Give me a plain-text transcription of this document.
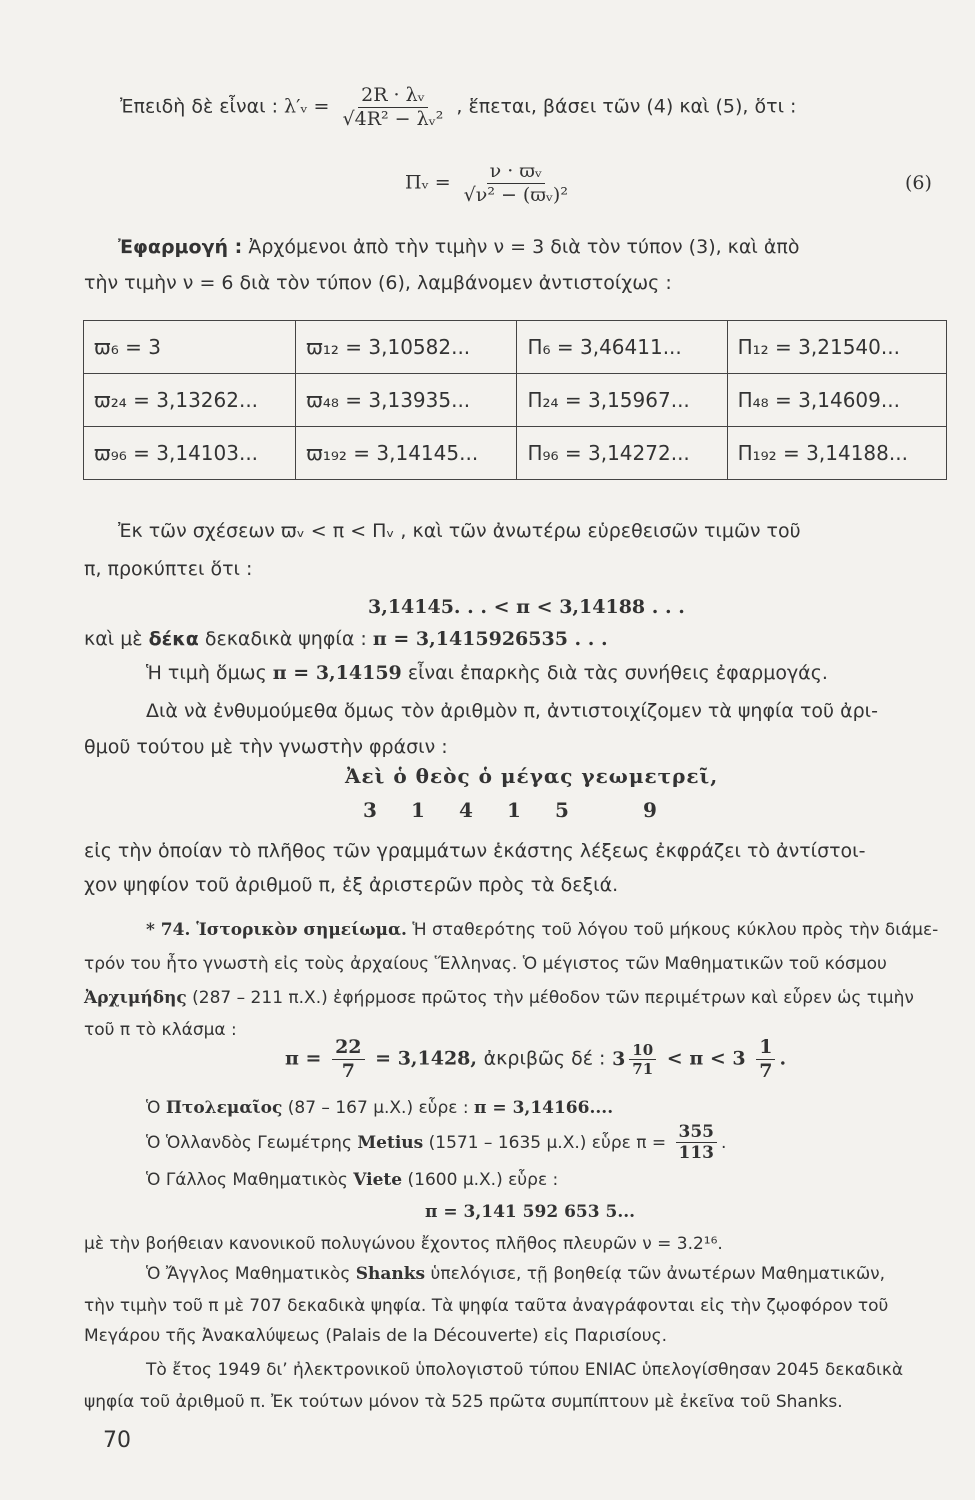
Ἐπειδὴ δὲ εἶναι : λ′ᵥ = $\frac{\text{2R · λᵥ}}{\text{√4R² − λᵥ²}}$ , ἕπεται, βάσει τῶν (4) καὶ (5), ὅτι :
Πᵥ = $\frac{\text{ν · ϖᵥ}}{\text{√ν² − (ϖᵥ)²}}$	(6)
Ἐφαρμογή : Ἀρχόμενοι ἀπὸ τὴν τιμὴν ν = 3 διὰ τὸν τύπον (3), καὶ ἀπὸ
τὴν τιμὴν ν = 6 διὰ τὸν τύπον (6), λαμβάνομεν ἀντιστοίχως :
ϖ₆ = 3	ϖ₁₂ = 3,10582...	Π₆ = 3,46411...	Π₁₂ = 3,21540...
ϖ₂₄ = 3,13262...	ϖ₄₈ = 3,13935...	Π₂₄ = 3,15967...	Π₄₈ = 3,14609...
ϖ₉₆ = 3,14103...	ϖ₁₉₂ = 3,14145...	Π₉₆ = 3,14272...	Π₁₉₂ = 3,14188...
Ἐκ τῶν σχέσεων ϖᵥ < π < Πᵥ , καὶ τῶν ἀνωτέρω εὑρεθεισῶν τιμῶν τοῦ
π, προκύπτει ὅτι :
3,14145. . . < π < 3,14188 . . .
καὶ μὲ δέκα δεκαδικὰ ψηφία : π = 3,1415926535 . . .
Ἡ τιμὴ ὅμως π = 3,14159 εἶναι ἐπαρκὴς διὰ τὰς συνήθεις ἐφαρμογάς.
Διὰ νὰ ἐνθυμούμεθα ὅμως τὸν ἀριθμὸν π, ἀντιστοιχίζομεν τὰ ψηφία τοῦ ἀρι-
θμοῦ τούτου μὲ τὴν γνωστὴν φράσιν :
Ἀεὶ ὁ θεὸς ὁ μέγας γεωμετρεῖ,
3 1 4 1 5	9
εἰς τὴν ὁποίαν τὸ πλῆθος τῶν γραμμάτων ἑκάστης λέξεως ἐκφράζει τὸ ἀντίστοι-
χον ψηφίον τοῦ ἀριθμοῦ π, ἐξ ἀριστερῶν πρὸς τὰ δεξιά.
* 74. Ἱστορικὸν σημείωμα. Ἡ σταθερότης τοῦ λόγου τοῦ μήκους κύκλου πρὸς τὴν διάμε-
τρόν του ἦτο γνωστὴ εἰς τοὺς ἀρχαίους Ἕλληνας. Ὁ μέγιστος τῶν Μαθηματικῶν τοῦ κόσμου
Ἀρχιμήδης (287 – 211 π.Χ.) ἐφήρμοσε πρῶτος τὴν μέθοδον τῶν περιμέτρων καὶ εὗρεν ὡς τιμὴν
τοῦ π τὸ κλάσμα :
$\pi = \frac{22}{7} = 3,1428$, ἀκριβῶς δέ : $3 \frac{10}{71} < \pi < 3 \frac{1}{7}$ .
Ὁ Πτολεμαῖος (87 – 167 μ.Χ.) εὗρε : π = 3,14166....
Ὁ Ὁλλανδὸς Γεωμέτρης Metius (1571 – 1635 μ.Χ.) εὗρε $\pi = \frac{355}{113}$ .
Ὁ Γάλλος Μαθηματικὸς Viete (1600 μ.Χ.) εὗρε :
π = 3,141 592 653 5...
μὲ τὴν βοήθειαν κανονικοῦ πολυγώνου ἔχοντος πλῆθος πλευρῶν ν = 3.2¹⁶.
Ὁ Ἄγγλος Μαθηματικὸς Shanks ὑπελόγισε, τῇ βοηθείᾳ τῶν ἀνωτέρων Μαθηματικῶν,
τὴν τιμὴν τοῦ π μὲ 707 δεκαδικὰ ψηφία. Τὰ ψηφία ταῦτα ἀναγράφονται εἰς τὴν ζῳοφόρον τοῦ
Μεγάρου τῆς Ἀνακαλύψεως (Palais de la Découverte) εἰς Παρισίους.
Τὸ ἔτος 1949 δι’ ἠλεκτρονικοῦ ὑπολογιστοῦ τύπου ENIAC ὑπελογίσθησαν 2045 δεκαδικὰ
ψηφία τοῦ ἀριθμοῦ π. Ἐκ τούτων μόνον τὰ 525 πρῶτα συμπίπτουν μὲ ἐκεῖνα τοῦ Shanks.
70
